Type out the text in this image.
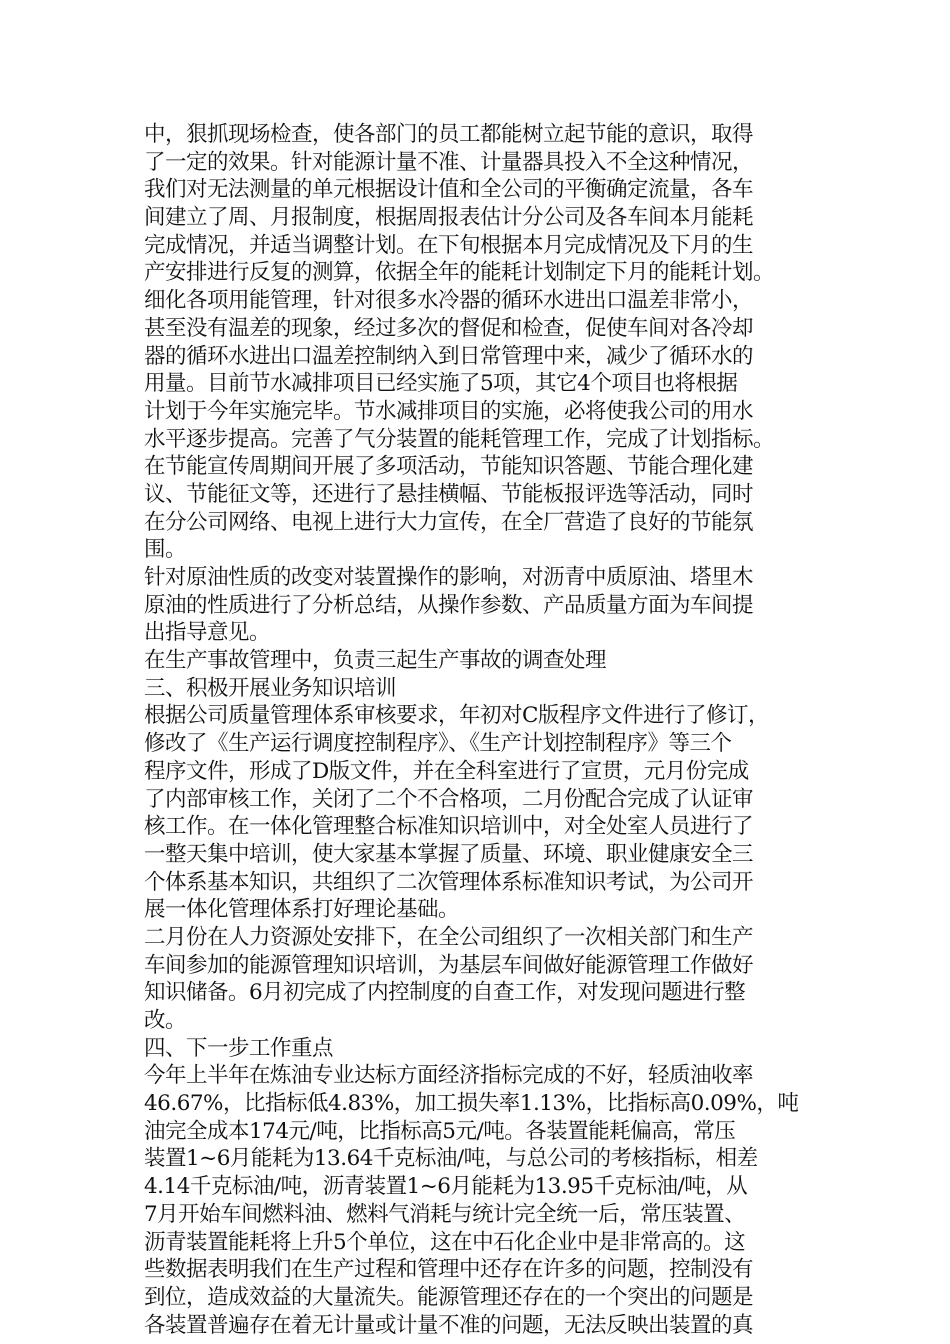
中，狠抓现场检查，使各部门的员工都能树立起节能的意识，取得
了一定的效果。针对能源计量不准、计量器具投入不全这种情况，
我们对无法测量的单元根据设计值和全公司的平衡确定流量，各车
间建立了周、月报制度，根据周报表估计分公司及各车间本月能耗
完成情况，并适当调整计划。在下旬根据本月完成情况及下月的生
产安排进行反复的测算，依据全年的能耗计划制定下月的能耗计划。
细化各项用能管理，针对很多水冷器的循环水进出口温差非常小，
甚至没有温差的现象，经过多次的督促和检查，促使车间对各冷却
器的循环水进出口温差控制纳入到日常管理中来，减少了循环水的
用量。目前节水减排项目已经实施了5项，其它4个项目也将根据
计划于今年实施完毕。节水减排项目的实施，必将使我公司的用水
水平逐步提高。完善了气分装置的能耗管理工作，完成了计划指标。
在节能宣传周期间开展了多项活动，节能知识答题、节能合理化建
议、节能征文等，还进行了悬挂横幅、节能板报评选等活动，同时
在分公司网络、电视上进行大力宣传，在全厂营造了良好的节能氛
围。
针对原油性质的改变对装置操作的影响，对沥青中质原油、塔里木
原油的性质进行了分析总结，从操作参数、产品质量方面为车间提
出指导意见。
在生产事故管理中，负责三起生产事故的调查处理
三、积极开展业务知识培训
根据公司质量管理体系审核要求，年初对C版程序文件进行了修订，
修改了《生产运行调度控制程序》、《生产计划控制程序》等三个
程序文件，形成了D版文件，并在全科室进行了宣贯，元月份完成
了内部审核工作，关闭了二个不合格项，二月份配合完成了认证审
核工作。在一体化管理整合标准知识培训中，对全处室人员进行了
一整天集中培训，使大家基本掌握了质量、环境、职业健康安全三
个体系基本知识，共组织了二次管理体系标准知识考试，为公司开
展一体化管理体系打好理论基础。
二月份在人力资源处安排下，在全公司组织了一次相关部门和生产
车间参加的能源管理知识培训，为基层车间做好能源管理工作做好
知识储备。6月初完成了内控制度的自查工作，对发现问题进行整
改。
四、下一步工作重点
今年上半年在炼油专业达标方面经济指标完成的不好，轻质油收率
46.67%，比指标低4.83%，加工损失率1.13%，比指标高0.09%，吨
油完全成本174元/吨，比指标高5元/吨。各装置能耗偏高，常压
装置1~6月能耗为13.64千克标油/吨，与总公司的考核指标，相差
4.14千克标油/吨，沥青装置1~6月能耗为13.95千克标油/吨，从
7月开始车间燃料油、燃料气消耗与统计完全统一后，常压装置、
沥青装置能耗将上升5个单位，这在中石化企业中是非常高的。这
些数据表明我们在生产过程和管理中还存在许多的问题，控制没有
到位，造成效益的大量流失。能源管理还存在的一个突出的问题是
各装置普遍存在着无计量或计量不准的问题，无法反映出装置的真
